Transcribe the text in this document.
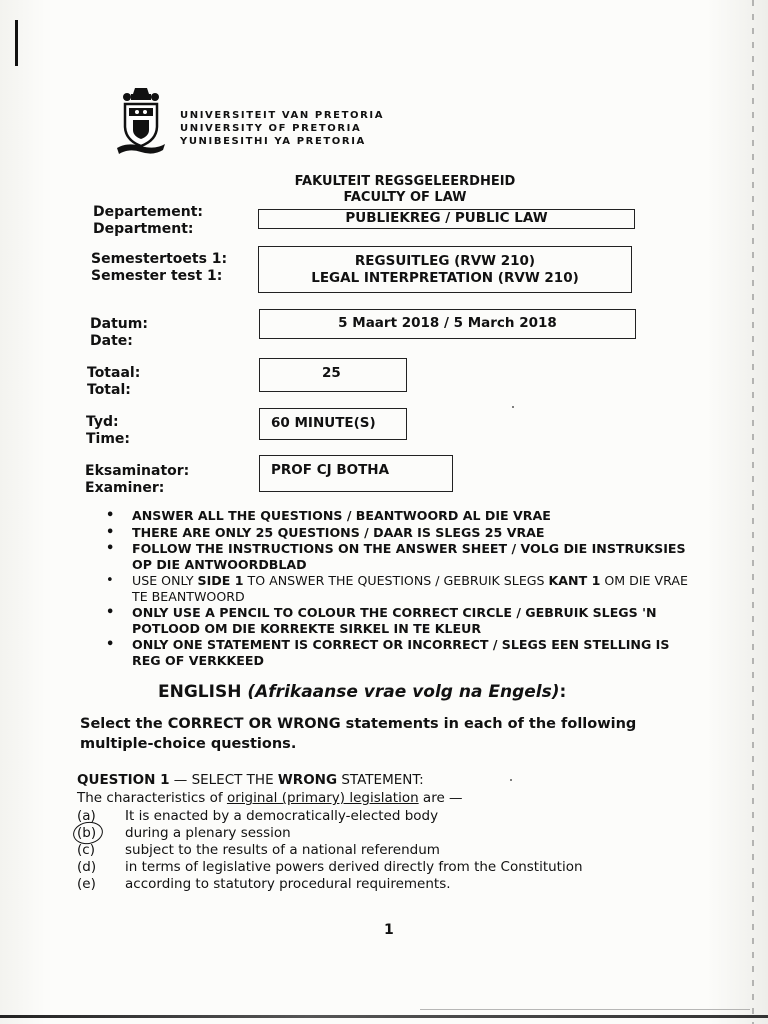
UNIVERSITEIT VAN PRETORIA
UNIVERSITY OF PRETORIA
YUNIBESITHI YA PRETORIA
FAKULTEIT REGSGELEERDHEID
FACULTY OF LAW
Departement:
Department:
PUBLIEKREG / PUBLIC LAW
Semestertoets 1:
Semester test 1:
REGSUITLEG (RVW 210)
LEGAL INTERPRETATION (RVW 210)
Datum:
Date:
5 Maart 2018 / 5 March 2018
Totaal:
Total:
25
Tyd:
Time:
60 MINUTE(S)
Eksaminator:
Examiner:
PROF CJ BOTHA
• ANSWER ALL THE QUESTIONS / BEANTWOORD AL DIE VRAE
• THERE ARE ONLY 25 QUESTIONS / DAAR IS SLEGS 25 VRAE
• FOLLOW THE INSTRUCTIONS ON THE ANSWER SHEET / VOLG DIE INSTRUKSIES OP DIE ANTWOORDBLAD
• USE ONLY SIDE 1 TO ANSWER THE QUESTIONS / GEBRUIK SLEGS KANT 1 OM DIE VRAE TE BEANTWOORD
• ONLY USE A PENCIL TO COLOUR THE CORRECT CIRCLE / GEBRUIK SLEGS 'N POTLOOD OM DIE KORREKTE SIRKEL IN TE KLEUR
• ONLY ONE STATEMENT IS CORRECT OR INCORRECT / SLEGS EEN STELLING IS REG OF VERKKEED
ENGLISH (Afrikaanse vrae volg na Engels):
Select the CORRECT OR WRONG statements in each of the following multiple-choice questions.
QUESTION 1 — SELECT THE WRONG STATEMENT:
The characteristics of original (primary) legislation are —
(a)	It is enacted by a democratically-elected body
(b)	during a plenary session
(c)	subject to the results of a national referendum
(d)	in terms of legislative powers derived directly from the Constitution
(e)	according to statutory procedural requirements.
1
